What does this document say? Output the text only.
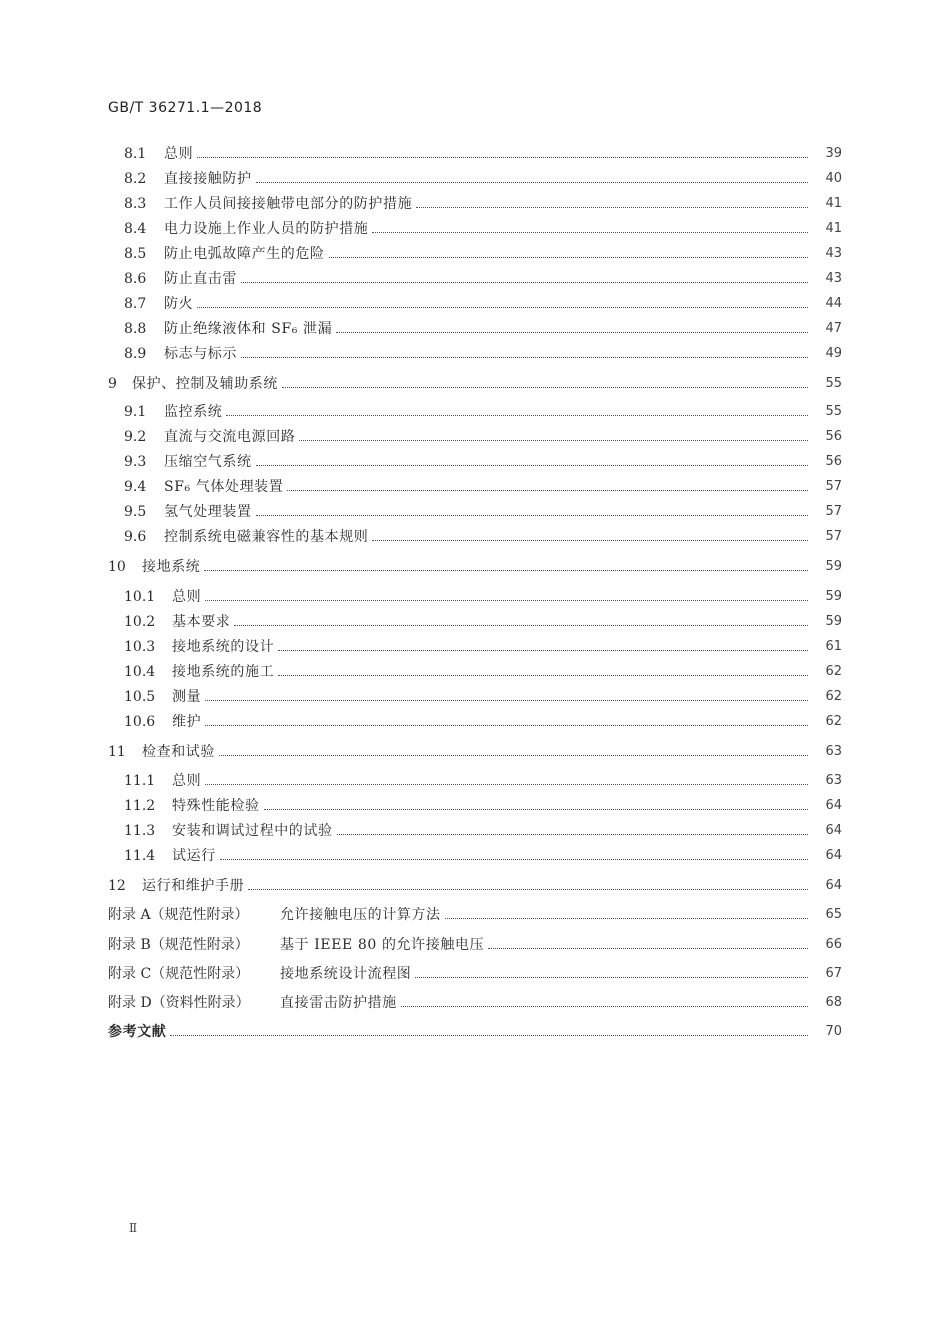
GB/T 36271.1—2018
8.1	总则	39
8.2	直接接触防护	40
8.3	工作人员间接接触带电部分的防护措施	41
8.4	电力设施上作业人员的防护措施	41
8.5	防止电弧故障产生的危险	43
8.6	防止直击雷	43
8.7	防火	44
8.8	防止绝缘液体和 SF₆ 泄漏	47
8.9	标志与标示	49
9	保护、控制及辅助系统	55
9.1	监控系统	55
9.2	直流与交流电源回路	56
9.3	压缩空气系统	56
9.4	SF₆ 气体处理装置	57
9.5	氢气处理装置	57
9.6	控制系统电磁兼容性的基本规则	57
10	接地系统	59
10.1	总则	59
10.2	基本要求	59
10.3	接地系统的设计	61
10.4	接地系统的施工	62
10.5	测量	62
10.6	维护	62
11	检查和试验	63
11.1	总则	63
11.2	特殊性能检验	64
11.3	安装和调试过程中的试验	64
11.4	试运行	64
12	运行和维护手册	64
附录 A（规范性附录）	允许接触电压的计算方法	65
附录 B（规范性附录）	基于 IEEE 80 的允许接触电压	66
附录 C（规范性附录）	接地系统设计流程图	67
附录 D（资料性附录）	直接雷击防护措施	68
参考文献	70
Ⅱ
